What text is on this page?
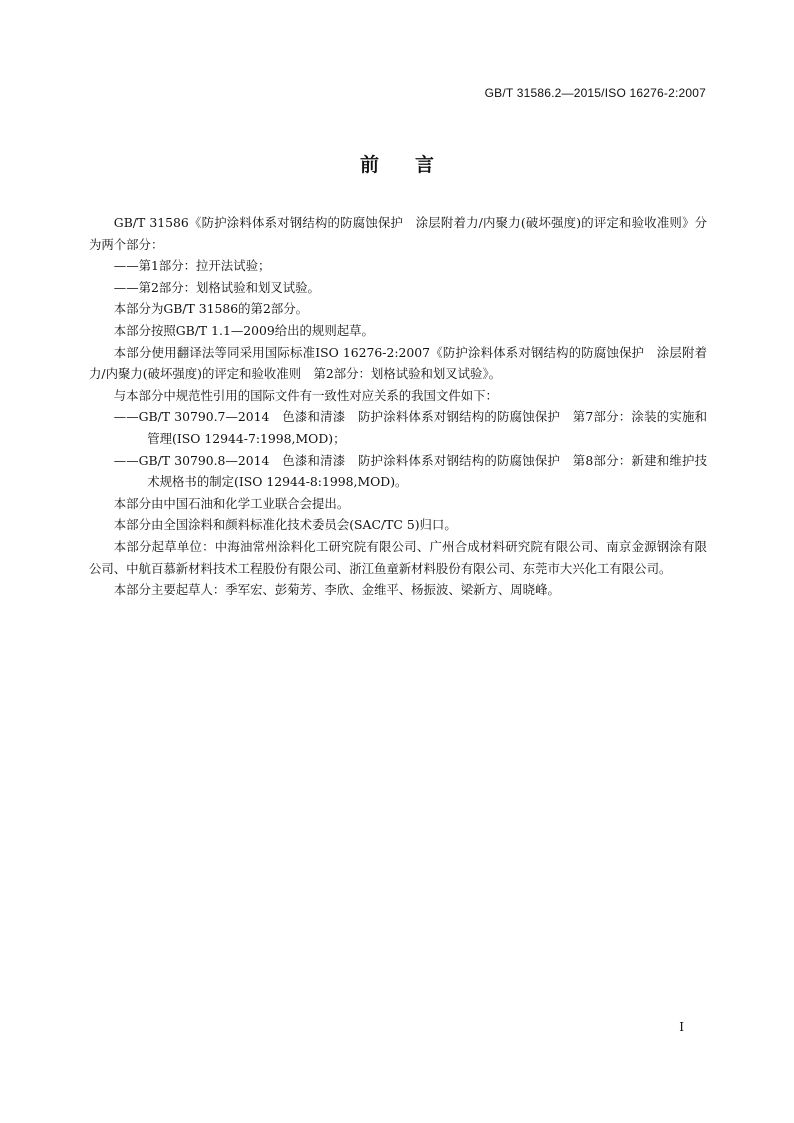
GB/T 31586.2—2015/ISO 16276-2:2007
前言

GB/T 31586《防护涂料体系对钢结构的防腐蚀保护　涂层附着力/内聚力(破坏强度)的评定和验收准则》分为两个部分：

——第1部分：拉开法试验；

——第2部分：划格试验和划叉试验。

本部分为GB/T 31586的第2部分。

本部分按照GB/T 1.1—2009给出的规则起草。

本部分使用翻译法等同采用国际标准ISO 16276-2:2007《防护涂料体系对钢结构的防腐蚀保护　涂层附着力/内聚力(破坏强度)的评定和验收准则　第2部分：划格试验和划叉试验》。

与本部分中规范性引用的国际文件有一致性对应关系的我国文件如下：

——GB/T 30790.7—2014　色漆和清漆　防护涂料体系对钢结构的防腐蚀保护　第7部分：涂装的实施和管理(ISO 12944-7:1998,MOD)；

——GB/T 30790.8—2014　色漆和清漆　防护涂料体系对钢结构的防腐蚀保护　第8部分：新建和维护技术规格书的制定(ISO 12944-8:1998,MOD)。

本部分由中国石油和化学工业联合会提出。

本部分由全国涂料和颜料标准化技术委员会(SAC/TC 5)归口。

本部分起草单位：中海油常州涂料化工研究院有限公司、广州合成材料研究院有限公司、南京金源钢涂有限公司、中航百慕新材料技术工程股份有限公司、浙江鱼童新材料股份有限公司、东莞市大兴化工有限公司。

本部分主要起草人：季军宏、彭菊芳、李欣、金维平、杨振波、梁新方、周晓峰。

I
